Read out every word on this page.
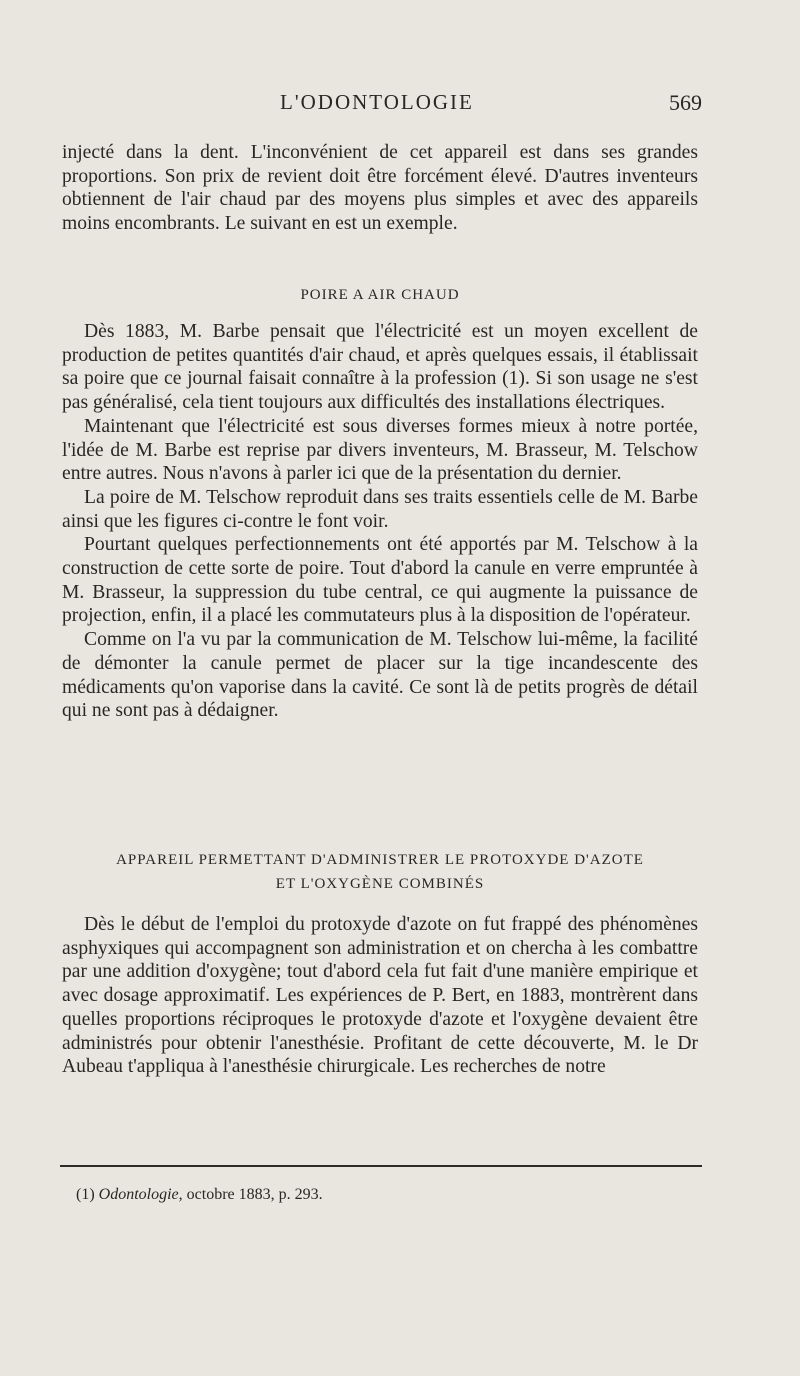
L'ODONTOLOGIE	569

injecté dans la dent. L'inconvénient de cet appareil est dans ses grandes proportions. Son prix de revient doit être forcément élevé. D'autres inventeurs obtiennent de l'air chaud par des moyens plus simples et avec des appareils moins encombrants. Le suivant en est un exemple.

POIRE A AIR CHAUD

Dès 1883, M. Barbe pensait que l'électricité est un moyen excellent de production de petites quantités d'air chaud, et après quelques essais, il établissait sa poire que ce journal faisait connaître à la profession (1). Si son usage ne s'est pas généralisé, cela tient toujours aux difficultés des installations électriques.

Maintenant que l'électricité est sous diverses formes mieux à notre portée, l'idée de M. Barbe est reprise par divers inventeurs, M. Brasseur, M. Telschow entre autres. Nous n'avons à parler ici que de la présentation du dernier.

La poire de M. Telschow reproduit dans ses traits essentiels celle de M. Barbe ainsi que les figures ci-contre le font voir.

Pourtant quelques perfectionnements ont été apportés par M. Telschow à la construction de cette sorte de poire. Tout d'abord la canule en verre empruntée à M. Brasseur, la suppression du tube central, ce qui augmente la puissance de projection, enfin, il a placé les commutateurs plus à la disposition de l'opérateur.

Comme on l'a vu par la communication de M. Telschow lui-même, la facilité de démonter la canule permet de placer sur la tige incandescente des médicaments qu'on vaporise dans la cavité. Ce sont là de petits progrès de détail qui ne sont pas à dédaigner.

APPAREIL PERMETTANT D'ADMINISTRER LE PROTOXYDE D'AZOTE

ET L'OXYGÈNE COMBINÉS

Dès le début de l'emploi du protoxyde d'azote on fut frappé des phénomènes asphyxiques qui accompagnent son administration et on chercha à les combattre par une addition d'oxygène; tout d'abord cela fut fait d'une manière empirique et avec dosage approximatif. Les expériences de P. Bert, en 1883, montrèrent dans quelles proportions réciproques le protoxyde d'azote et l'oxygène devaient être administrés pour obtenir l'anesthésie. Profitant de cette découverte, M. le Dr Aubeau t'appliqua à l'anesthésie chirurgicale. Les recherches de notre

(1) Odontologie, octobre 1883, p. 293.
